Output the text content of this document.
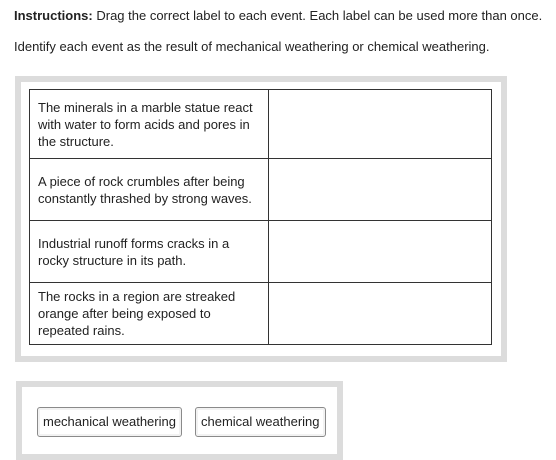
Instructions: Drag the correct label to each event. Each label can be used more than once.

Identify each event as the result of mechanical weathering or chemical weathering.

The minerals in a marble statue react with water to form acids and pores in the structure.	
A piece of rock crumbles after being constantly thrashed by strong waves.	
Industrial runoff forms cracks in a rocky structure in its path.	
The rocks in a region are streaked orange after being exposed to repeated rains.	
mechanical weathering	chemical weathering
